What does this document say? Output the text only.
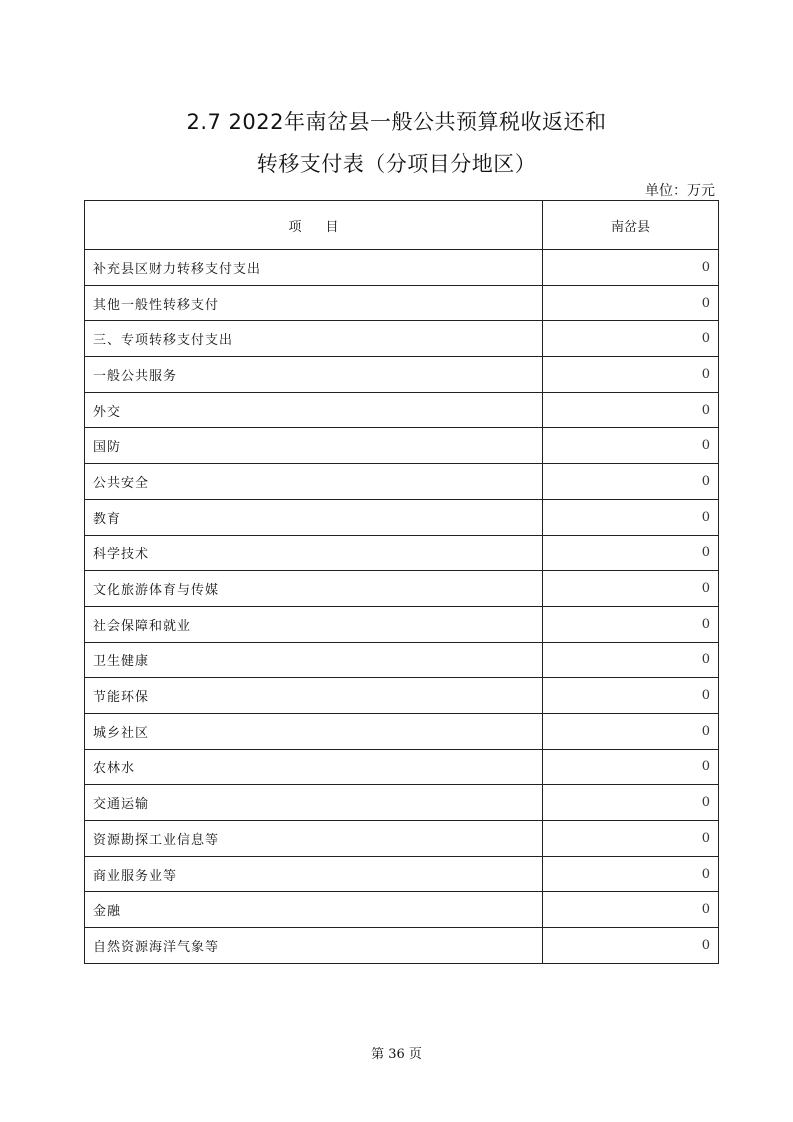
2.7 2022年南岔县一般公共预算税收返还和
转移支付表（分项目分地区）
单位：万元
项目	南岔县
补充县区财力转移支付支出	0
其他一般性转移支付	0
三、专项转移支付支出	0
一般公共服务	0
外交	0
国防	0
公共安全	0
教育	0
科学技术	0
文化旅游体育与传媒	0
社会保障和就业	0
卫生健康	0
节能环保	0
城乡社区	0
农林水	0
交通运输	0
资源勘探工业信息等	0
商业服务业等	0
金融	0
自然资源海洋气象等	0
第 36 页
